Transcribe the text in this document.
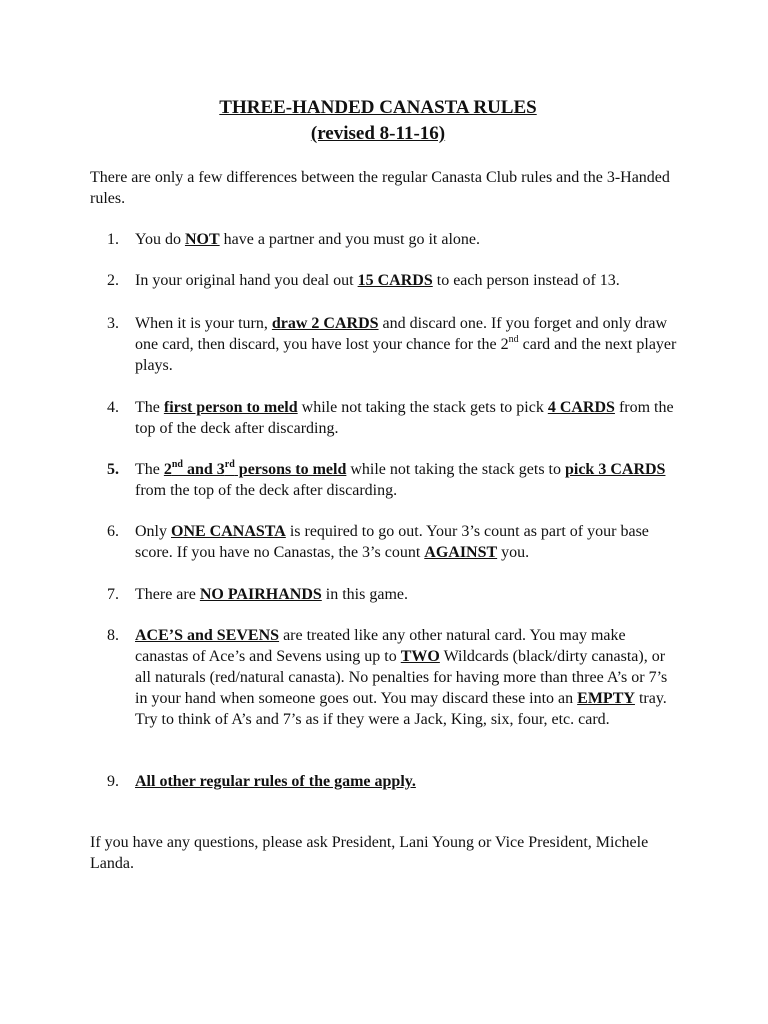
THREE-HANDED CANASTA RULES
(revised 8-11-16)
There are only a few differences between the regular Canasta Club rules and the 3-Handed rules.
1.	You do NOT have a partner and you must go it alone.
2.	In your original hand you deal out 15 CARDS to each person instead of 13.
3.	When it is your turn, draw 2 CARDS and discard one. If you forget and only draw one card, then discard, you have lost your chance for the 2nd card and the next player plays.
4.	The first person to meld while not taking the stack gets to pick 4 CARDS from the top of the deck after discarding.
5.	The 2nd and 3rd persons to meld while not taking the stack gets to pick 3 CARDS from the top of the deck after discarding.
6.	Only ONE CANASTA is required to go out. Your 3’s count as part of your base score. If you have no Canastas, the 3’s count AGAINST you.
7.	There are NO PAIRHANDS in this game.
8.	ACE’S and SEVENS are treated like any other natural card. You may make canastas of Ace’s and Sevens using up to TWO Wildcards (black/dirty canasta), or all naturals (red/natural canasta). No penalties for having more than three A’s or 7’s in your hand when someone goes out. You may discard these into an EMPTY tray. Try to think of A’s and 7’s as if they were a Jack, King, six, four, etc. card.
9.	All other regular rules of the game apply.
If you have any questions, please ask President, Lani Young or Vice President, Michele Landa.
